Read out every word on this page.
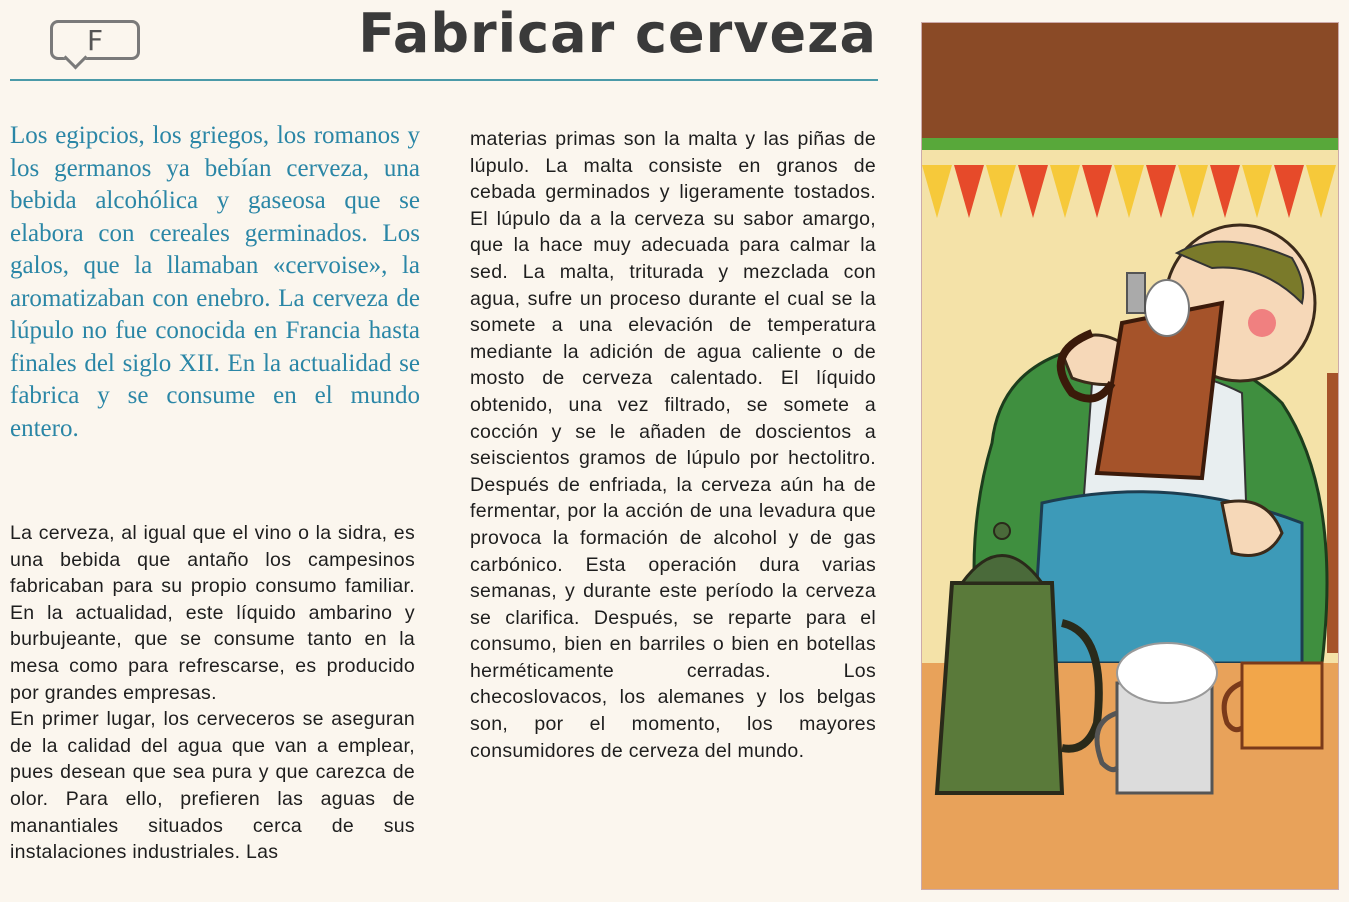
F	Fabricar cerveza

Los egipcios, los griegos, los romanos y los germanos ya bebían cerveza, una bebida alcohólica y gaseosa que se elabora con cereales germinados. Los galos, que la llamaban «cervoise», la aromatizaban con enebro. La cerveza de lúpulo no fue conocida en Francia hasta finales del siglo XII. En la actualidad se fabrica y se consume en el mundo entero.

La cerveza, al igual que el vino o la sidra, es una bebida que antaño los campesinos fabricaban para su propio consumo familiar. En la actualidad, este líquido ambarino y burbujeante, que se consume tanto en la mesa como para refrescarse, es producido por grandes empresas.

En primer lugar, los cerveceros se aseguran de la calidad del agua que van a emplear, pues desean que sea pura y que carezca de olor. Para ello, prefieren las aguas de manantiales situados cerca de sus instalaciones industriales. Las

materias primas son la malta y las piñas de lúpulo. La malta consiste en granos de cebada germinados y ligeramente tostados. El lúpulo da a la cerveza su sabor amargo, que la hace muy adecuada para calmar la sed. La malta, triturada y mezclada con agua, sufre un proceso durante el cual se la somete a una elevación de temperatura mediante la adición de agua caliente o de mosto de cerveza calentado. El líquido obtenido, una vez filtrado, se somete a cocción y se le añaden de doscientos a seiscientos gramos de lúpulo por hectolitro. Después de enfriada, la cerveza aún ha de fermentar, por la acción de una levadura que provoca la formación de alcohol y de gas carbónico. Esta operación dura varias semanas, y durante este período la cerveza se clarifica. Después, se reparte para el consumo, bien en barriles o bien en botellas herméticamente cerradas. Los checoslovacos, los alemanes y los belgas son, por el momento, los mayores consumidores de cerveza del mundo.
